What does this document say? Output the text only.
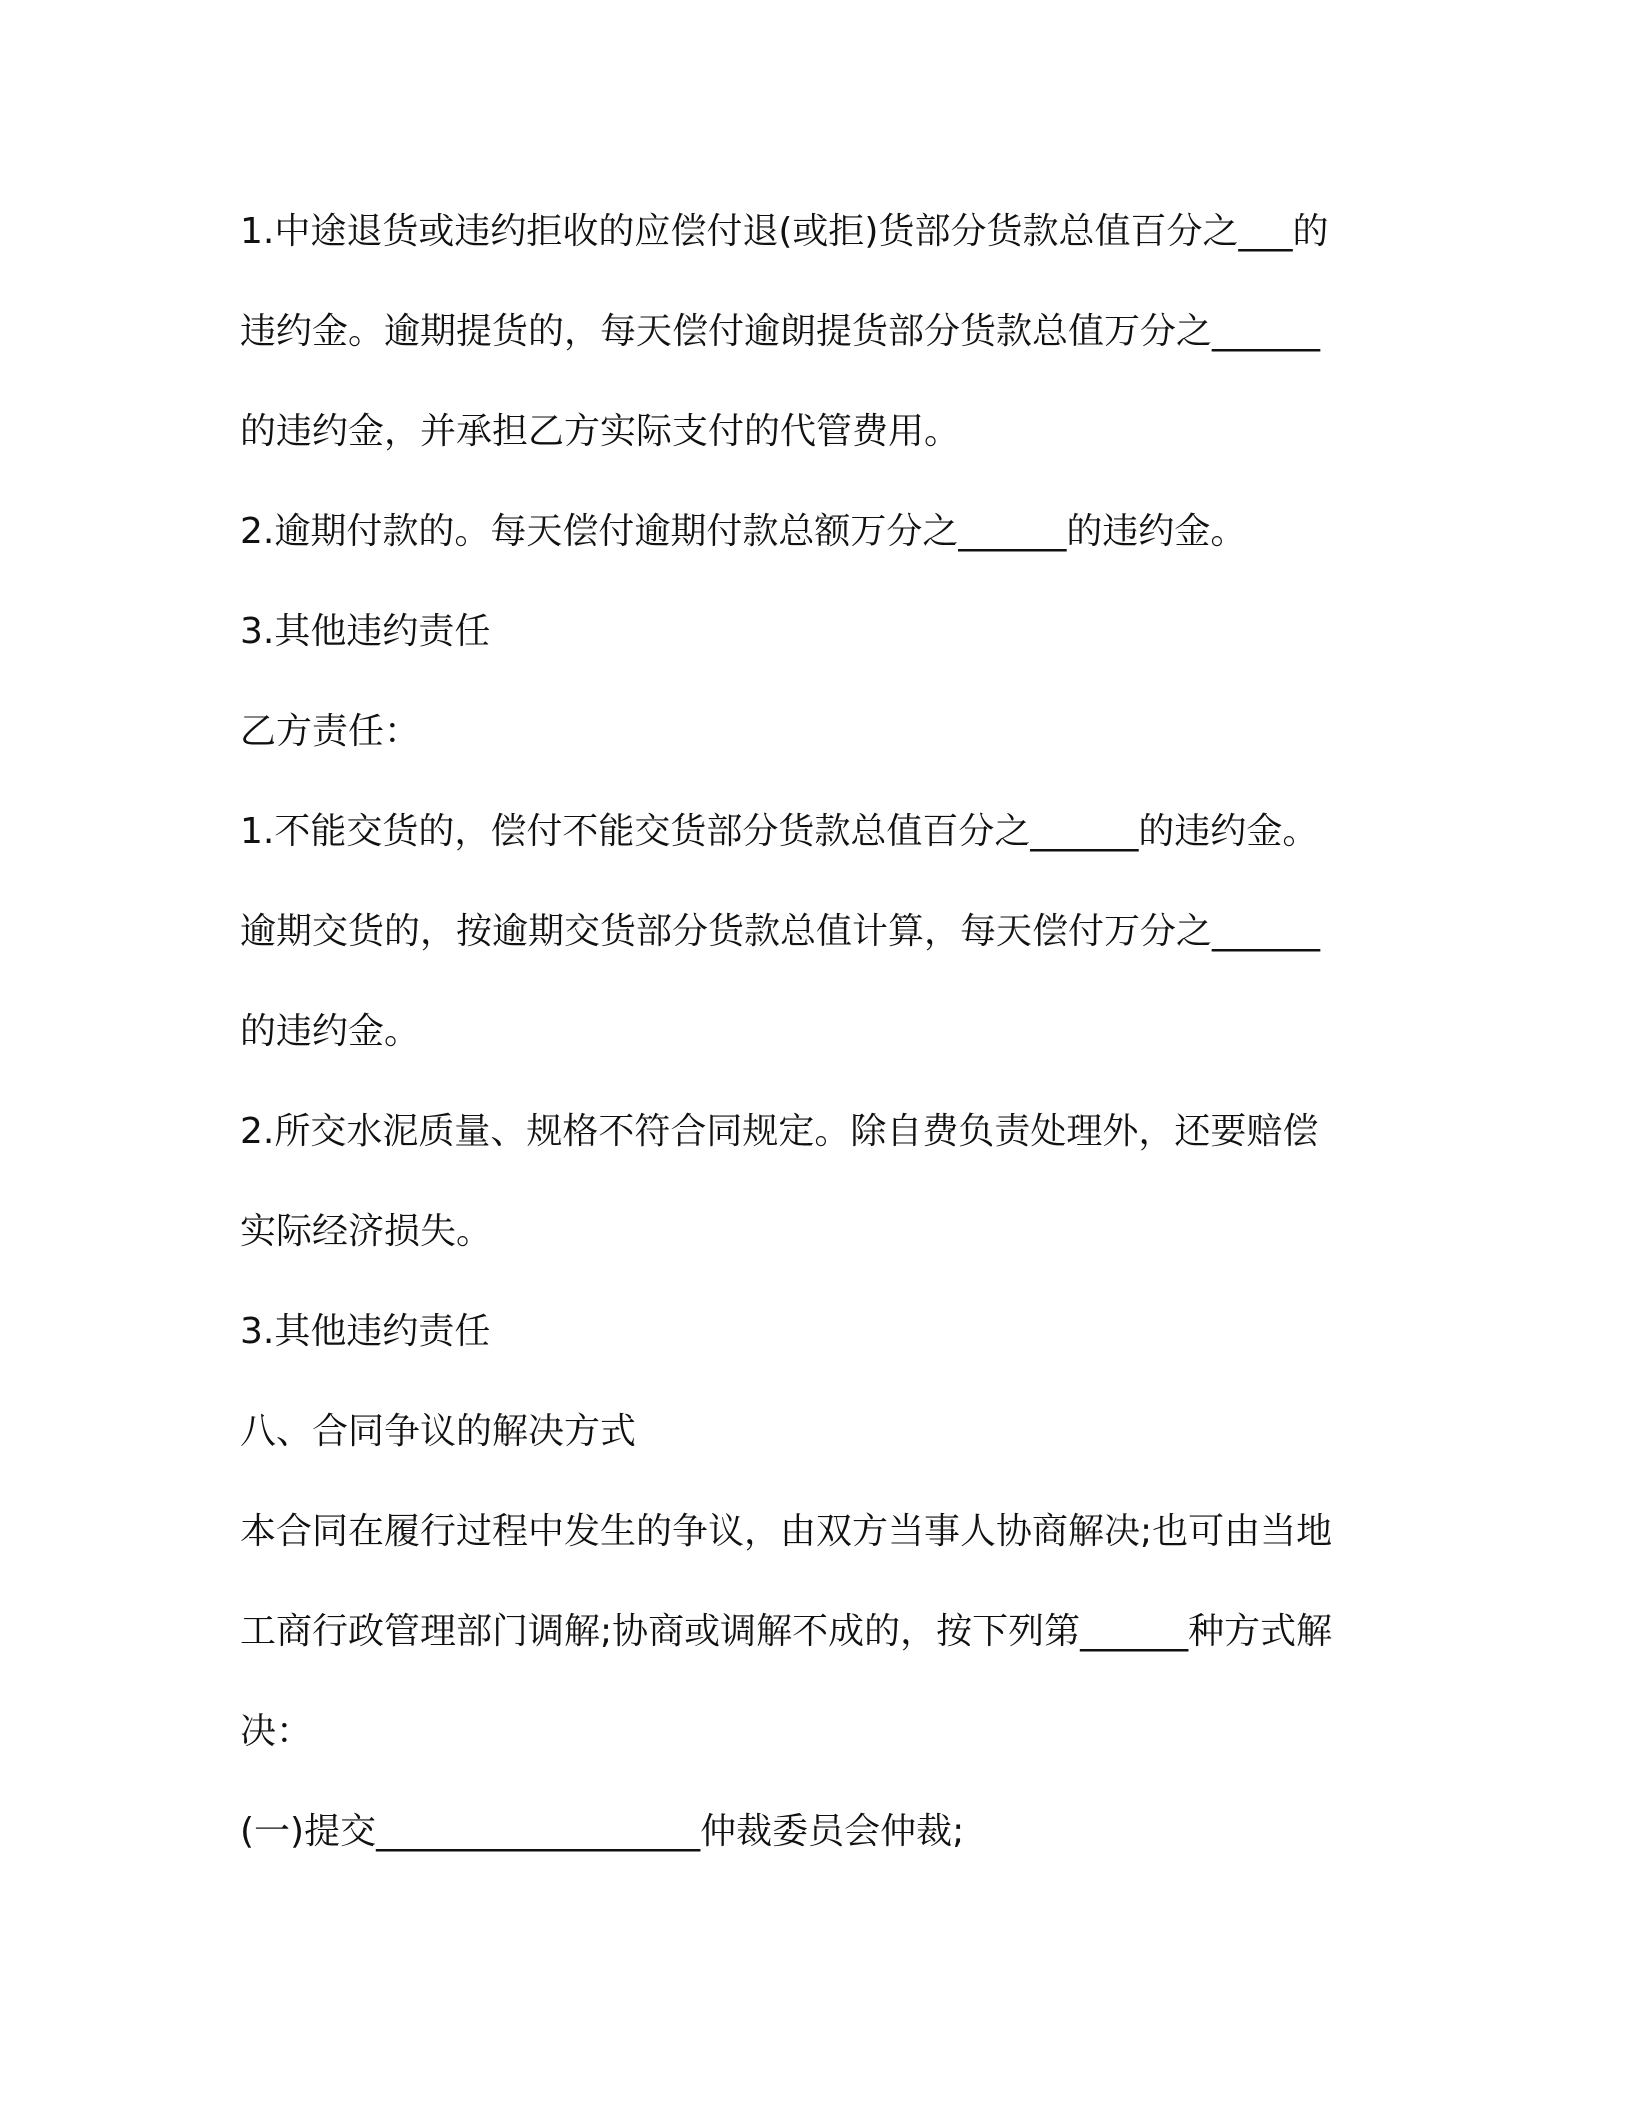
1.中途退货或违约拒收的应偿付退(或拒)货部分货款总值百分之___的
违约金。逾期提货的，每天偿付逾朗提货部分货款总值万分之______
的违约金，并承担乙方实际支付的代管费用。
2.逾期付款的。每天偿付逾期付款总额万分之______的违约金。
3.其他违约责任
乙方责任：
1.不能交货的，偿付不能交货部分货款总值百分之______的违约金。
逾期交货的，按逾期交货部分货款总值计算，每天偿付万分之______
的违约金。
2.所交水泥质量、规格不符合同规定。除自费负责处理外，还要赔偿
实际经济损失。
3.其他违约责任
八、合同争议的解决方式
本合同在履行过程中发生的争议，由双方当事人协商解决;也可由当地
工商行政管理部门调解;协商或调解不成的，按下列第______种方式解
决：
(一)提交__________________仲裁委员会仲裁;
